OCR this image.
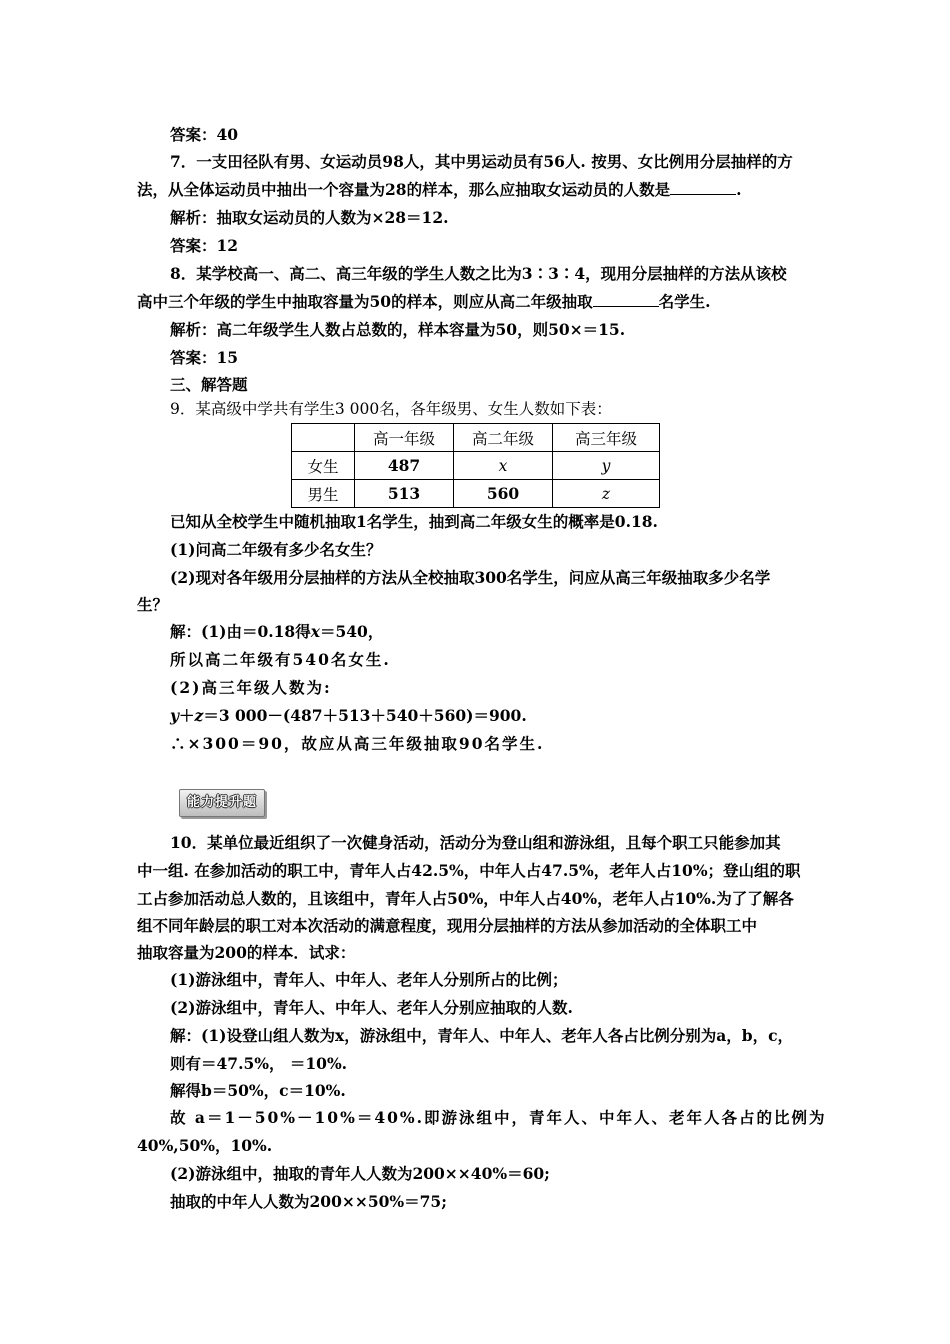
答案：40
7．一支田径队有男、女运动员98人，其中男运动员有56人. 按男、女比例用分层抽样的方
法，从全体运动员中抽出一个容量为28的样本，那么应抽取女运动员的人数是	.
解析：抽取女运动员的人数为×28＝12.
答案：12
8．某学校高一、高二、高三年级的学生人数之比为3∶3∶4，现用分层抽样的方法从该校
高中三个年级的学生中抽取容量为50的样本，则应从高二年级抽取	名学生.
解析：高二年级学生人数占总数的，样本容量为50，则50×＝15.
答案：15
三、解答题
9．某高级中学共有学生3 000名，各年级男、女生人数如下表：
	高一年级	高二年级	高三年级
女生	487	x	y
男生	513	560	z
已知从全校学生中随机抽取1名学生，抽到高二年级女生的概率是0.18.
(1)问高二年级有多少名女生？
(2)现对各年级用分层抽样的方法从全校抽取300名学生，问应从高三年级抽取多少名学
生？
解：(1)由＝0.18得x＝540，
所以高二年级有540名女生.
(2)高三年级人数为:
y＋z＝3 000－(487＋513＋540＋560)＝900.
∴×300＝90，故应从高三年级抽取90名学生.
能力提升题
10．某单位最近组织了一次健身活动，活动分为登山组和游泳组，且每个职工只能参加其
中一组. 在参加活动的职工中，青年人占42.5%，中年人占47.5%，老年人占10%；登山组的职
工占参加活动总人数的，且该组中，青年人占50%，中年人占40%，老年人占10%.为了了解各
组不同年龄层的职工对本次活动的满意程度，现用分层抽样的方法从参加活动的全体职工中
抽取容量为200的样本．试求：
(1)游泳组中，青年人、中年人、老年人分别所占的比例；
(2)游泳组中，青年人、中年人、老年人分别应抽取的人数.
解：(1)设登山组人数为x，游泳组中，青年人、中年人、老年人各占比例分别为a，b，c，
则有＝47.5%， ＝10%.
解得b＝50%，c＝10%.
故 a＝1－50%－10%＝40%.即游泳组中，青年人、中年人、老年人各占的比例为
40%,50%，10%.
(2)游泳组中，抽取的青年人人数为200××40%＝60;
抽取的中年人人数为200××50%＝75;
